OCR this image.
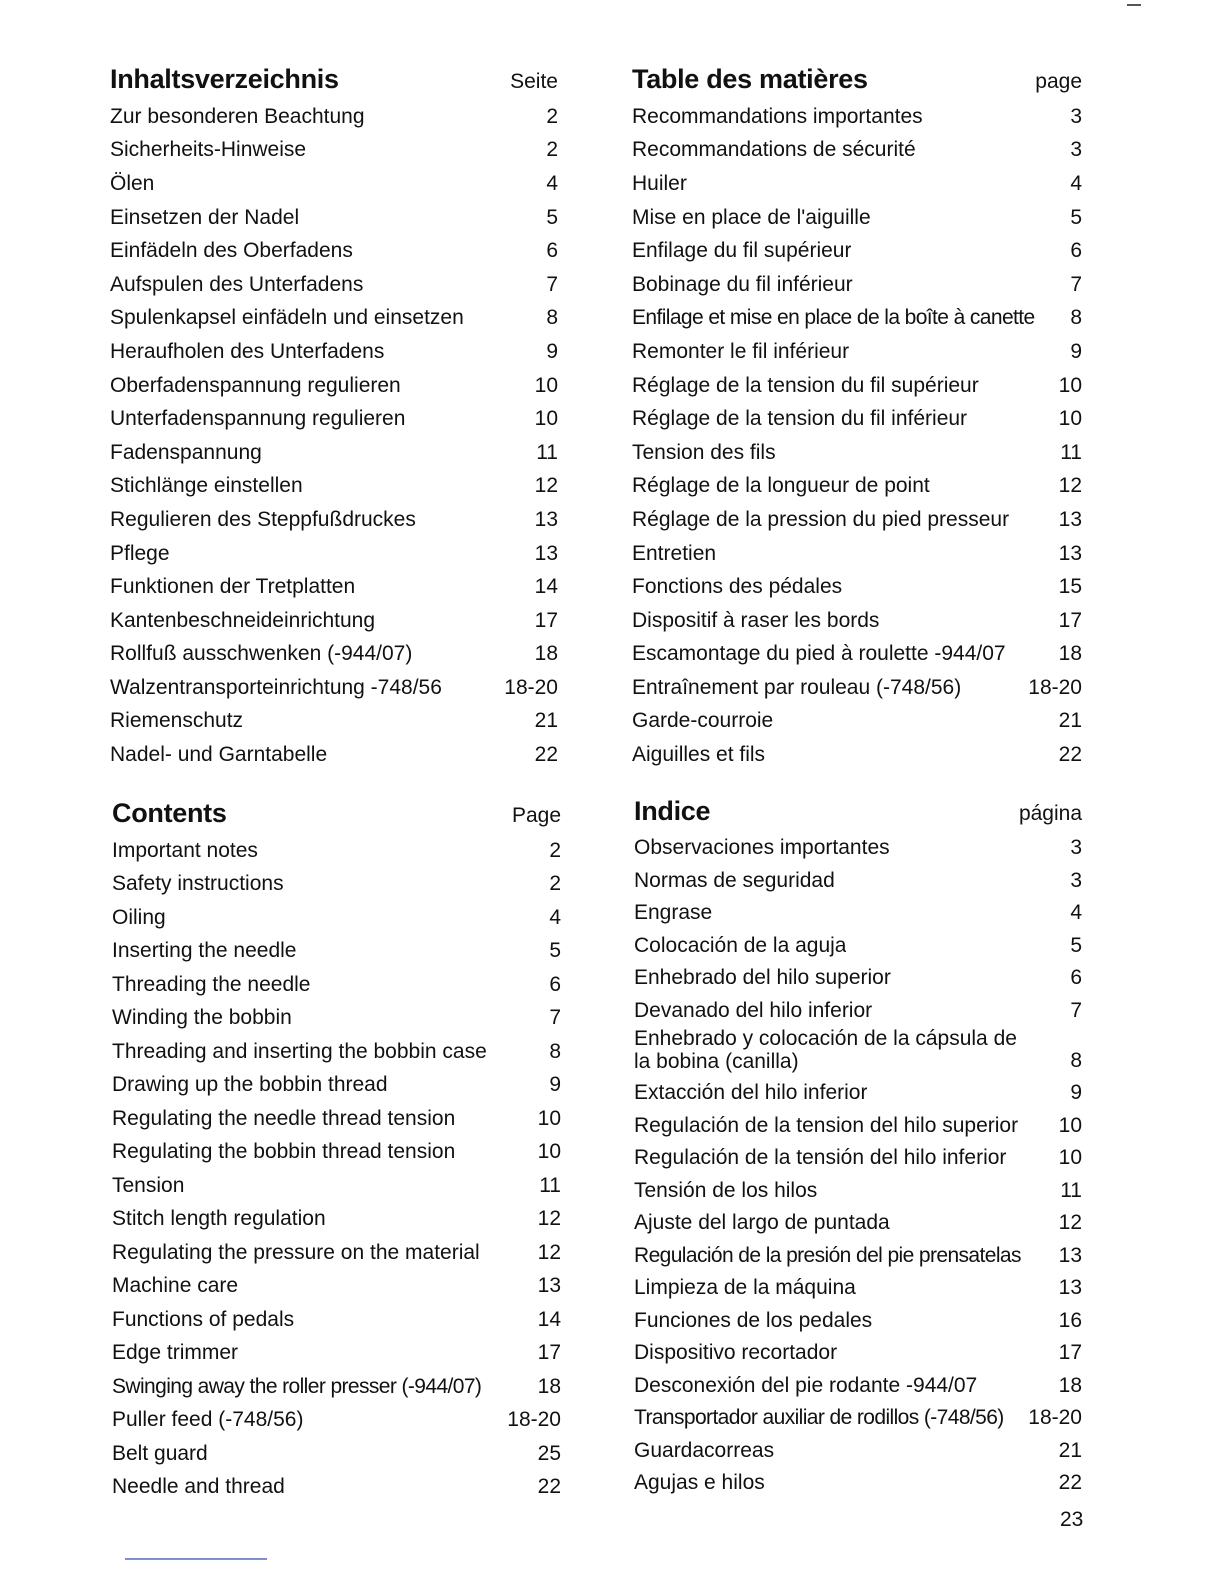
Inhaltsverzeichnis	Seite
Zur besonderen Beachtung	2
Sicherheits-Hinweise	2
Ölen	4
Einsetzen der Nadel	5
Einfädeln des Oberfadens	6
Aufspulen des Unterfadens	7
Spulenkapsel einfädeln und einsetzen	8
Heraufholen des Unterfadens	9
Oberfadenspannung regulieren	10
Unterfadenspannung regulieren	10
Fadenspannung	11
Stichlänge einstellen	12
Regulieren des Steppfußdruckes	13
Pflege	13
Funktionen der Tretplatten	14
Kantenbeschneideinrichtung	17
Rollfuß ausschwenken (-944/07)	18
Walzentransporteinrichtung -748/56	18-20
Riemenschutz	21
Nadel- und Garntabelle	22
Table des matières	page
Recommandations importantes	3
Recommandations de sécurité	3
Huiler	4
Mise en place de l'aiguille	5
Enfilage du fil supérieur	6
Bobinage du fil inférieur	7
Enfilage et mise en place de la boîte à canette	8
Remonter le fil inférieur	9
Réglage de la tension du fil supérieur	10
Réglage de la tension du fil inférieur	10
Tension des fils	11
Réglage de la longueur de point	12
Réglage de la pression du pied presseur	13
Entretien	13
Fonctions des pédales	15
Dispositif à raser les bords	17
Escamontage du pied à roulette -944/07	18
Entraînement par rouleau (-748/56)	18-20
Garde-courroie	21
Aiguilles et fils	22
Contents	Page
Important notes	2
Safety instructions	2
Oiling	4
Inserting the needle	5
Threading the needle	6
Winding the bobbin	7
Threading and inserting the bobbin case	8
Drawing up the bobbin thread	9
Regulating the needle thread tension	10
Regulating the bobbin thread tension	10
Tension	11
Stitch length regulation	12
Regulating the pressure on the material	12
Machine care	13
Functions of pedals	14
Edge trimmer	17
Swinging away the roller presser (-944/07)	18
Puller feed (-748/56)	18-20
Belt guard	25
Needle and thread	22
Indice	página
Observaciones importantes	3
Normas de seguridad	3
Engrase	4
Colocación de la aguja	5
Enhebrado del hilo superior	6
Devanado del hilo inferior	7
Enhebrado y colocación de la cápsula de la bobina (canilla)	8
Extacción del hilo inferior	9
Regulación de la tension del hilo superior	10
Regulación de la tensión del hilo inferior	10
Tensión de los hilos	11
Ajuste del largo de puntada	12
Regulación de la presión del pie prensatelas	13
Limpieza de la máquina	13
Funciones de los pedales	16
Dispositivo recortador	17
Desconexión del pie rodante -944/07	18
Transportador auxiliar de rodillos (-748/56)	18-20
Guardacorreas	21
Agujas e hilos	22
23
